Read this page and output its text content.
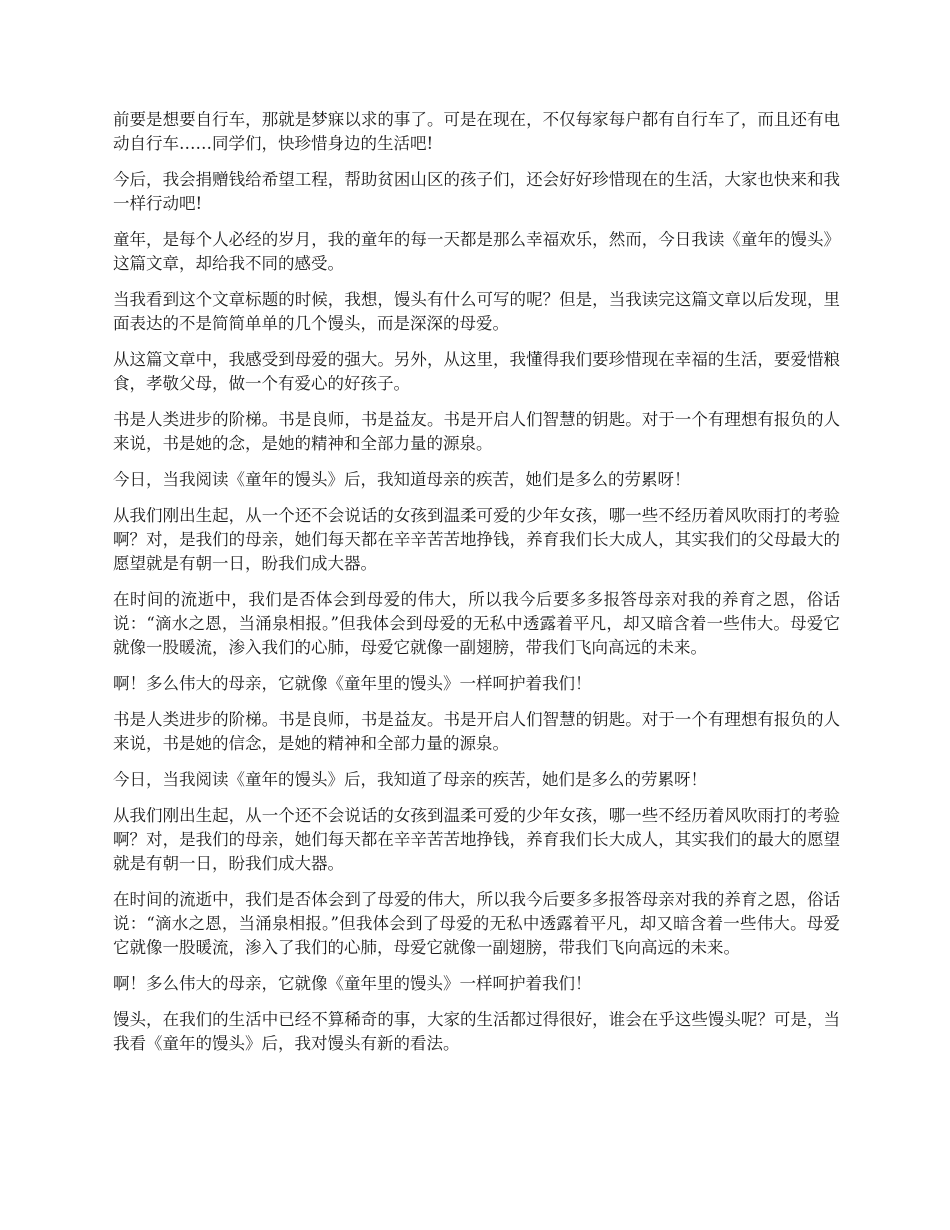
前要是想要自行车，那就是梦寐以求的事了。可是在现在，不仅每家每户都有自行车了，而且还有电动自行车……同学们，快珍惜身边的生活吧!

今后，我会捐赠钱给希望工程，帮助贫困山区的孩子们，还会好好珍惜现在的生活，大家也快来和我一样行动吧!

童年，是每个人必经的岁月，我的童年的每一天都是那么幸福欢乐，然而，今日我读《童年的馒头》这篇文章，却给我不同的感受。

当我看到这个文章标题的时候，我想，馒头有什么可写的呢？但是，当我读完这篇文章以后发现，里面表达的不是简简单单的几个馒头，而是深深的母爱。

从这篇文章中，我感受到母爱的强大。另外，从这里，我懂得我们要珍惜现在幸福的生活，要爱惜粮食，孝敬父母，做一个有爱心的好孩子。

书是人类进步的阶梯。书是良师，书是益友。书是开启人们智慧的钥匙。对于一个有理想有报负的人来说，书是她的念，是她的精神和全部力量的源泉。

今日，当我阅读《童年的馒头》后，我知道母亲的疾苦，她们是多么的劳累呀！

从我们刚出生起，从一个还不会说话的女孩到温柔可爱的少年女孩，哪一些不经历着风吹雨打的考验啊？对，是我们的母亲，她们每天都在辛辛苦苦地挣钱，养育我们长大成人，其实我们的父母最大的愿望就是有朝一日，盼我们成大器。

在时间的流逝中，我们是否体会到母爱的伟大，所以我今后要多多报答母亲对我的养育之恩，俗话说：“滴水之恩，当涌泉相报。”但我体会到母爱的无私中透露着平凡，却又暗含着一些伟大。母爱它就像一股暖流，渗入我们的心肺，母爱它就像一副翅膀，带我们飞向高远的未来。

啊！多么伟大的母亲，它就像《童年里的馒头》一样呵护着我们！

书是人类进步的阶梯。书是良师，书是益友。书是开启人们智慧的钥匙。对于一个有理想有报负的人来说，书是她的信念，是她的精神和全部力量的源泉。

今日，当我阅读《童年的馒头》后，我知道了母亲的疾苦，她们是多么的劳累呀！

从我们刚出生起，从一个还不会说话的女孩到温柔可爱的少年女孩，哪一些不经历着风吹雨打的考验啊？对，是我们的母亲，她们每天都在辛辛苦苦地挣钱，养育我们长大成人，其实我们的最大的愿望就是有朝一日，盼我们成大器。

在时间的流逝中，我们是否体会到了母爱的伟大，所以我今后要多多报答母亲对我的养育之恩，俗话说：“滴水之恩，当涌泉相报。”但我体会到了母爱的无私中透露着平凡，却又暗含着一些伟大。母爱它就像一股暖流，渗入了我们的心肺，母爱它就像一副翅膀，带我们飞向高远的未来。

啊！多么伟大的母亲，它就像《童年里的馒头》一样呵护着我们！

馒头，在我们的生活中已经不算稀奇的事，大家的生活都过得很好，谁会在乎这些馒头呢？可是，当我看《童年的馒头》后，我对馒头有新的看法。
